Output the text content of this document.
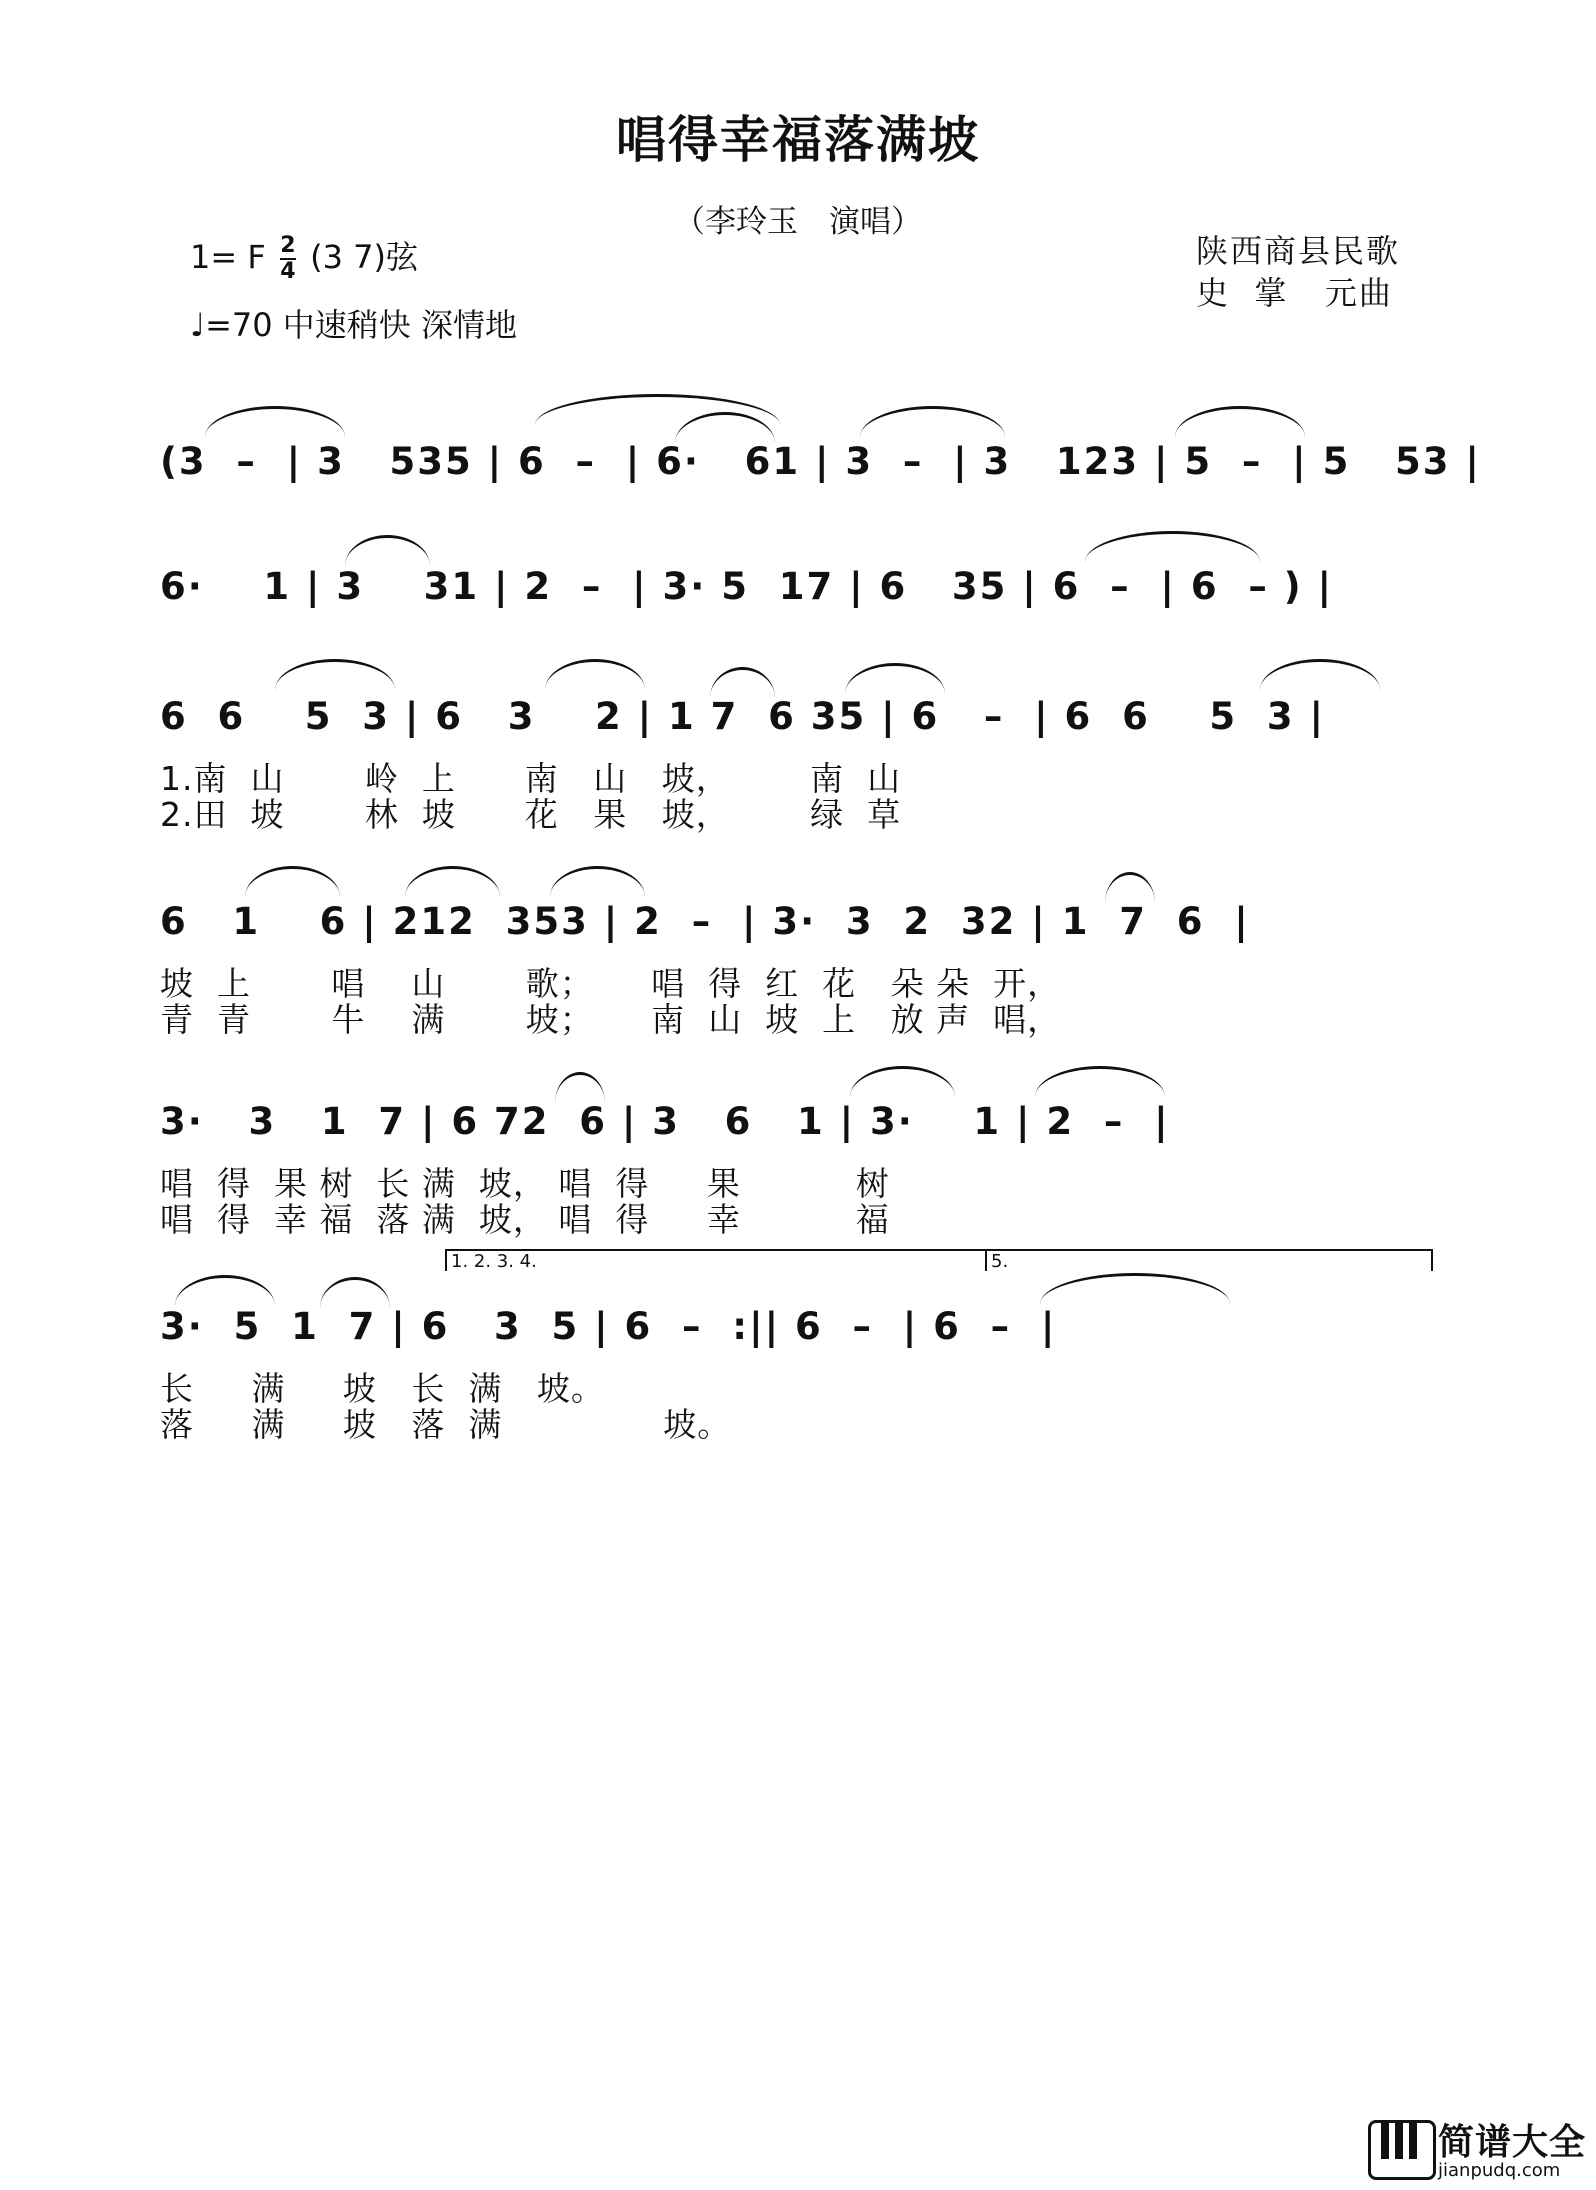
唱得幸福落满坡
（李玲玉　演唱）
1= F $\frac{2}{4} (3$ 7)弦
♩=70 中速稍快 深情地
陕西商县民歌
史  掌   元曲
(3  –  | 3   535 | 6  –  | 6·   61 | 3  –  | 3   123 | 5  –  | 5   53 |
6·    1 | 3    31 | 2  –  | 3· 5  17 | 6   35 | 6  –  | 6  – ) |
6  6    5  3 | 6   3    2 | 1 7  6 35 | 6   –  | 6  6    5  3 |
1.南  山       岭  上      南   山   坡，       南  山
2.田  坡       林  坡      花   果   坡，       绿  草
6   1    6 | 212  353 | 2  –  | 3·  3  2  32 | 1  7  6  |
坡  上       唱    山       歌；     唱  得  红  花   朵 朵  开，
青  青       牛    满       坡；     南  山  坡  上   放 声  唱，
3·   3   1  7 | 6 72  6 | 3   6   1 | 3·    1 | 2  –  |
唱  得  果 树  长 满  坡， 唱  得     果          树
唱  得  幸 福  落 满  坡， 唱  得     幸          福
1. 2. 3. 4.	5.
3·  5  1  7 | 6   3  5 | 6  –  :|| 6  –  | 6  –  |
长     满     坡   长  满   坡。
落     满     坡   落  满              坡。
简谱大全
jianpudq.com
